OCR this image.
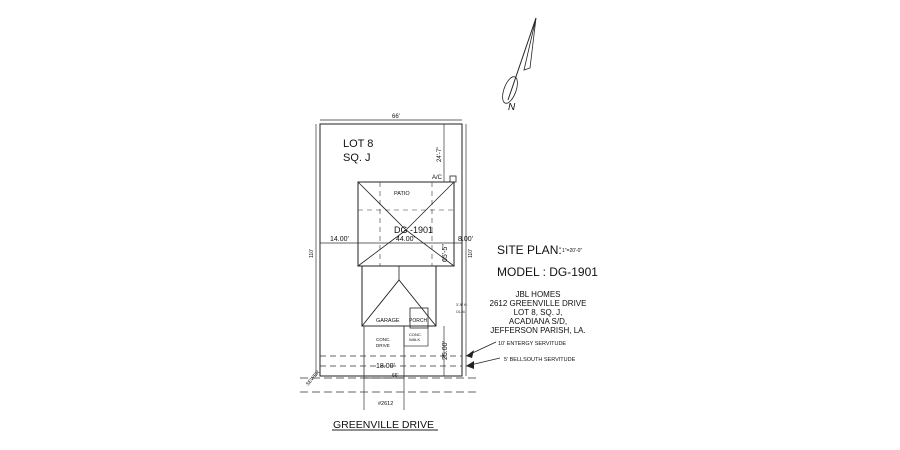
LOT 8
SQ. J
66'
24'-7"
A/C
PATIO
DG -1901
14.00'	44.00'	8.00'
65'-5"
110'	110'
3'-9" H.
OL.M.
GARAGE PORCH
CONC.
DRIVE
CONC.
WALK
25.00'
18.00'
66'
SEWER
#2612
GREENVILLE DRIVE
10' ENTERGY SERVITUDE
5' BELLSOUTH SERVITUDE
N
SITE PLAN: 1"=20'-0"
MODEL : DG-1901
JBL HOMES
2612 GREENVILLE DRIVE
LOT 8, SQ. J,
ACADIANA S/D,
JEFFERSON PARISH, LA.
